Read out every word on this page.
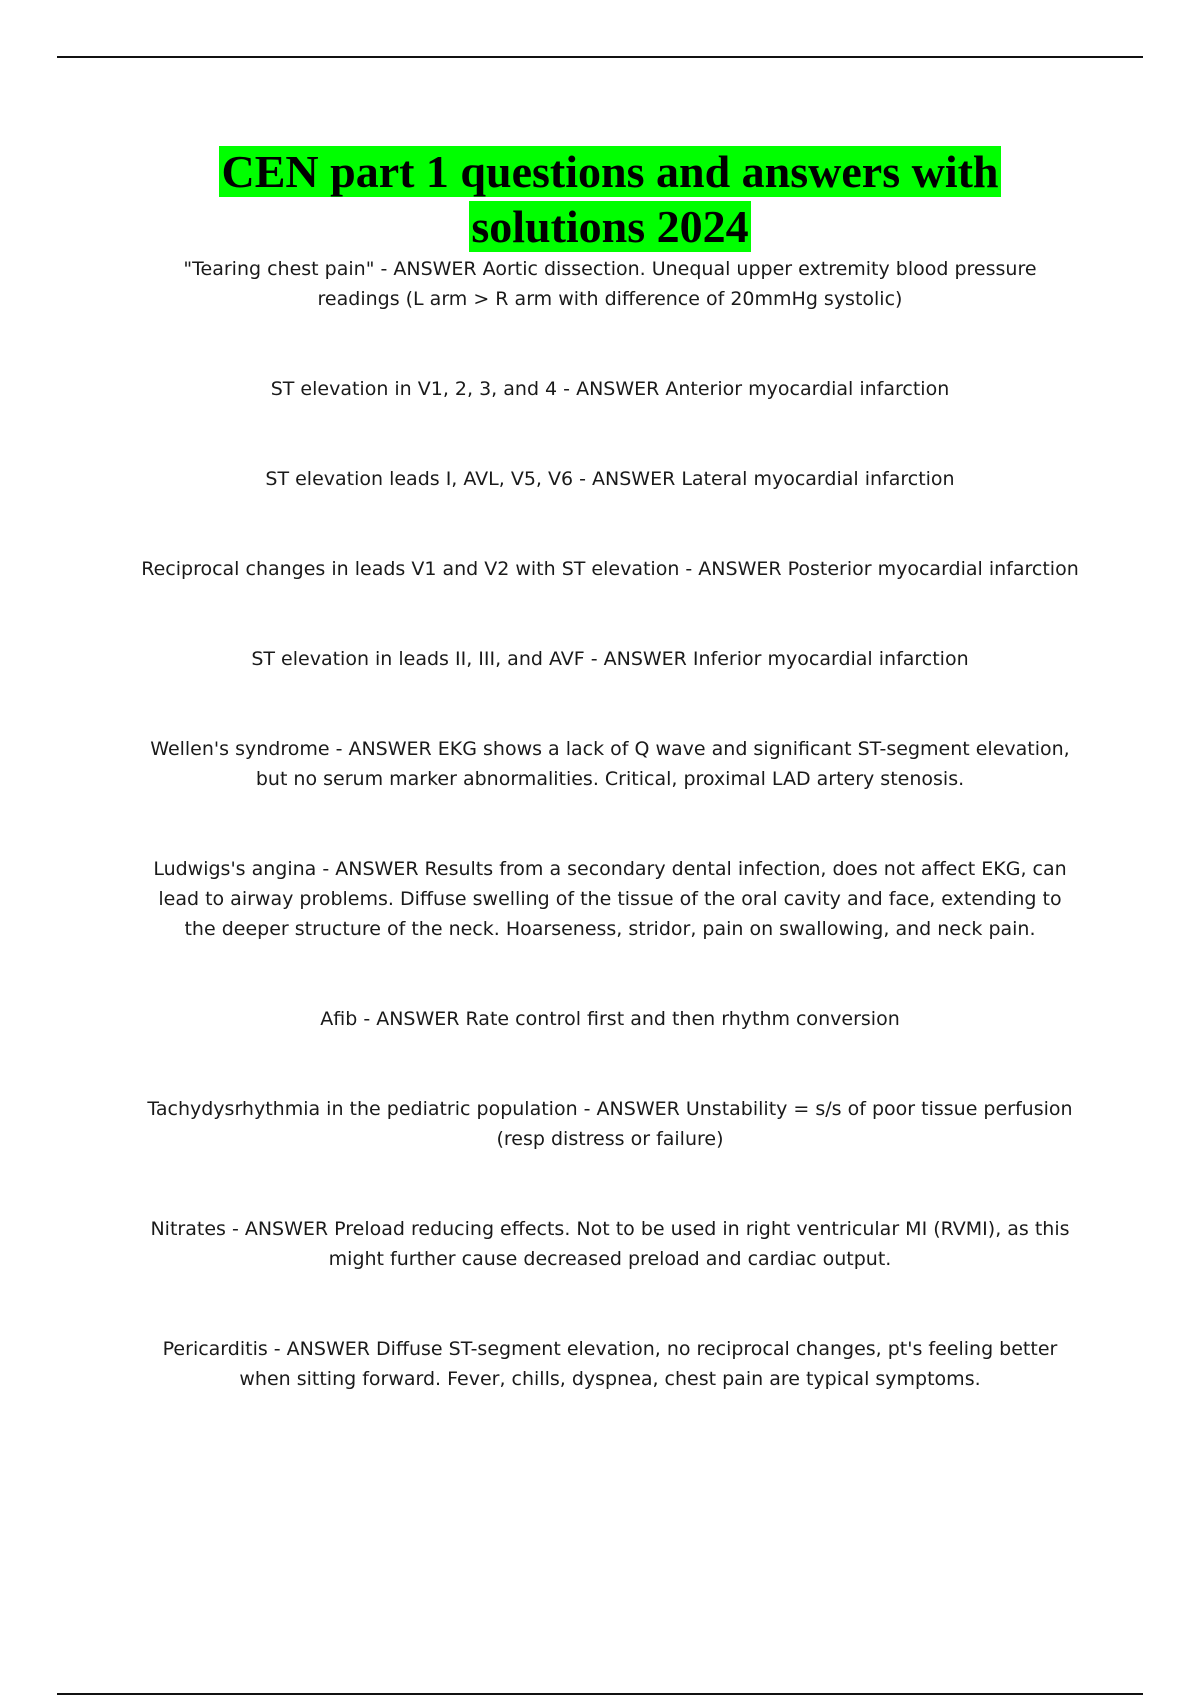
CEN part 1 questions and answers with
solutions 2024
"Tearing chest pain" - ANSWER Aortic dissection. Unequal upper extremity blood pressure readings (L arm > R arm with difference of 20mmHg systolic)
ST elevation in V1, 2, 3, and 4 - ANSWER Anterior myocardial infarction
ST elevation leads I, AVL, V5, V6 - ANSWER Lateral myocardial infarction
Reciprocal changes in leads V1 and V2 with ST elevation - ANSWER Posterior myocardial infarction
ST elevation in leads II, III, and AVF - ANSWER Inferior myocardial infarction
Wellen's syndrome - ANSWER EKG shows a lack of Q wave and significant ST-segment elevation, but no serum marker abnormalities. Critical, proximal LAD artery stenosis.
Ludwigs's angina - ANSWER Results from a secondary dental infection, does not affect EKG, can lead to airway problems. Diffuse swelling of the tissue of the oral cavity and face, extending to the deeper structure of the neck. Hoarseness, stridor, pain on swallowing, and neck pain.
Afib - ANSWER Rate control first and then rhythm conversion
Tachydysrhythmia in the pediatric population - ANSWER Unstability = s/s of poor tissue perfusion (resp distress or failure)
Nitrates - ANSWER Preload reducing effects. Not to be used in right ventricular MI (RVMI), as this might further cause decreased preload and cardiac output.
Pericarditis - ANSWER Diffuse ST-segment elevation, no reciprocal changes, pt's feeling better when sitting forward. Fever, chills, dyspnea, chest pain are typical symptoms.
